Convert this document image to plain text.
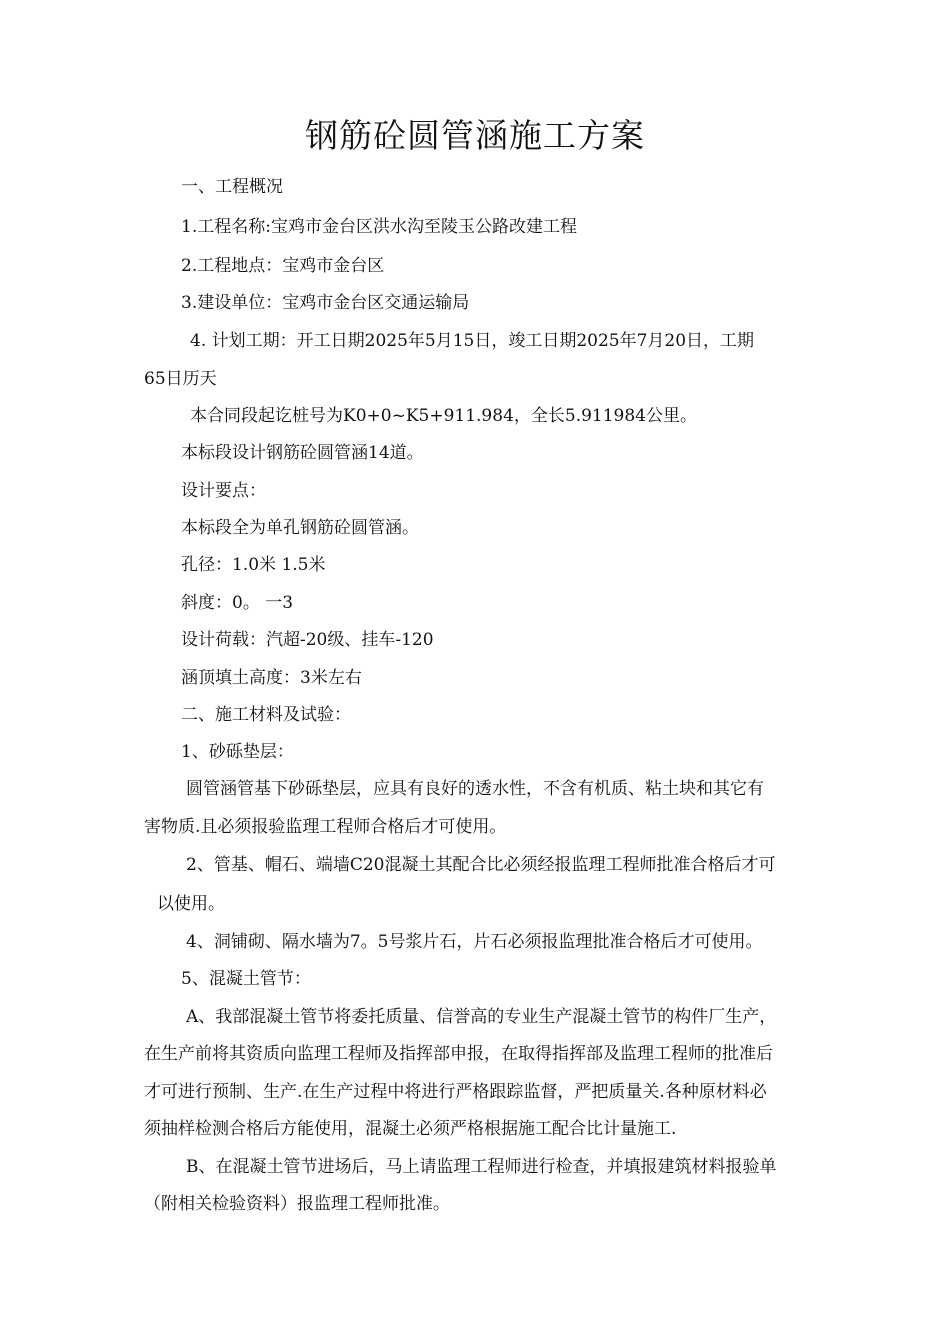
钢筋砼圆管涵施工方案
一、工程概况
1.工程名称:宝鸡市金台区洪水沟至陵玉公路改建工程
2.工程地点：宝鸡市金台区
3.建设单位：宝鸡市金台区交通运输局
4. 计划工期：开工日期2025年5月15日，竣工日期2025年7月20日，工期
65日历天
本合同段起讫桩号为K0+0~K5+911.984，全长5.911984公里。
本标段设计钢筋砼圆管涵14道。
设计要点：
本标段全为单孔钢筋砼圆管涵。
孔径：1.0米 1.5米
斜度：0。 一3
设计荷载：汽超-20级、挂车-120
涵顶填土高度：3米左右
二、施工材料及试验：
1、砂砾垫层：
圆管涵管基下砂砾垫层，应具有良好的透水性，不含有机质、粘土块和其它有
害物质.且必须报验监理工程师合格后才可使用。
2、管基、帽石、端墙C20混凝土其配合比必须经报监理工程师批准合格后才可
以使用。
4、洞铺砌、隔水墙为7。5号浆片石，片石必须报监理批准合格后才可使用。
5、混凝土管节：
A、我部混凝土管节将委托质量、信誉高的专业生产混凝土管节的构件厂生产，
在生产前将其资质向监理工程师及指挥部申报，在取得指挥部及监理工程师的批准后
才可进行预制、生产.在生产过程中将进行严格跟踪监督，严把质量关.各种原材料必
须抽样检测合格后方能使用，混凝土必须严格根据施工配合比计量施工.
B、在混凝土管节进场后，马上请监理工程师进行检查，并填报建筑材料报验单
（附相关检验资料）报监理工程师批准。
